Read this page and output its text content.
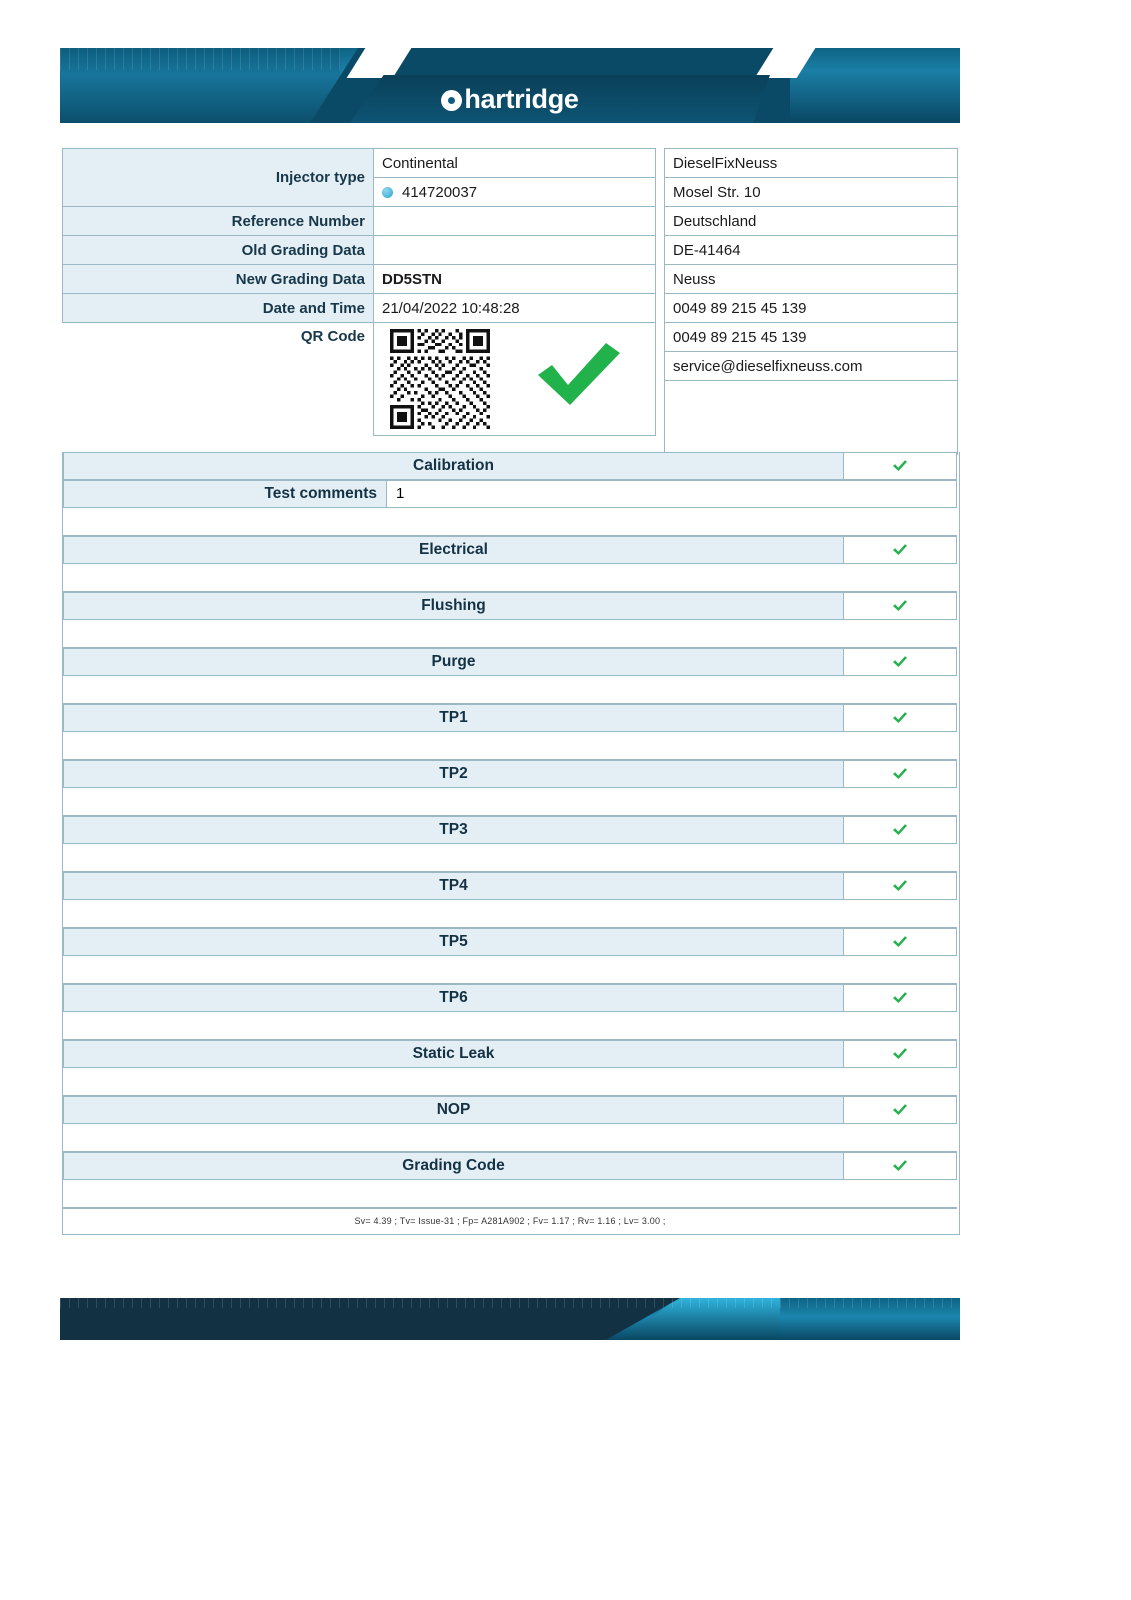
hartridge
Injector type	Continental
	414720037
Reference Number	
Old Grading Data	
New Grading Data	DD5STN
Date and Time	21/04/2022 10:48:28
QR Code	
DieselFixNeuss
Mosel Str. 10
Deutschland
DE-41464
Neuss
0049 89 215 45 139
0049 89 215 45 139
service@dieselfixneuss.com

Calibration
Test comments	1
Electrical
Flushing
Purge
TP1
TP2
TP3
TP4
TP5
TP6
Static Leak
NOP
Grading Code
Sv= 4.39 ; Tv= Issue-31 ; Fp= A281A902 ; Fv= 1.17 ; Rv= 1.16 ; Lv= 3.00 ;
